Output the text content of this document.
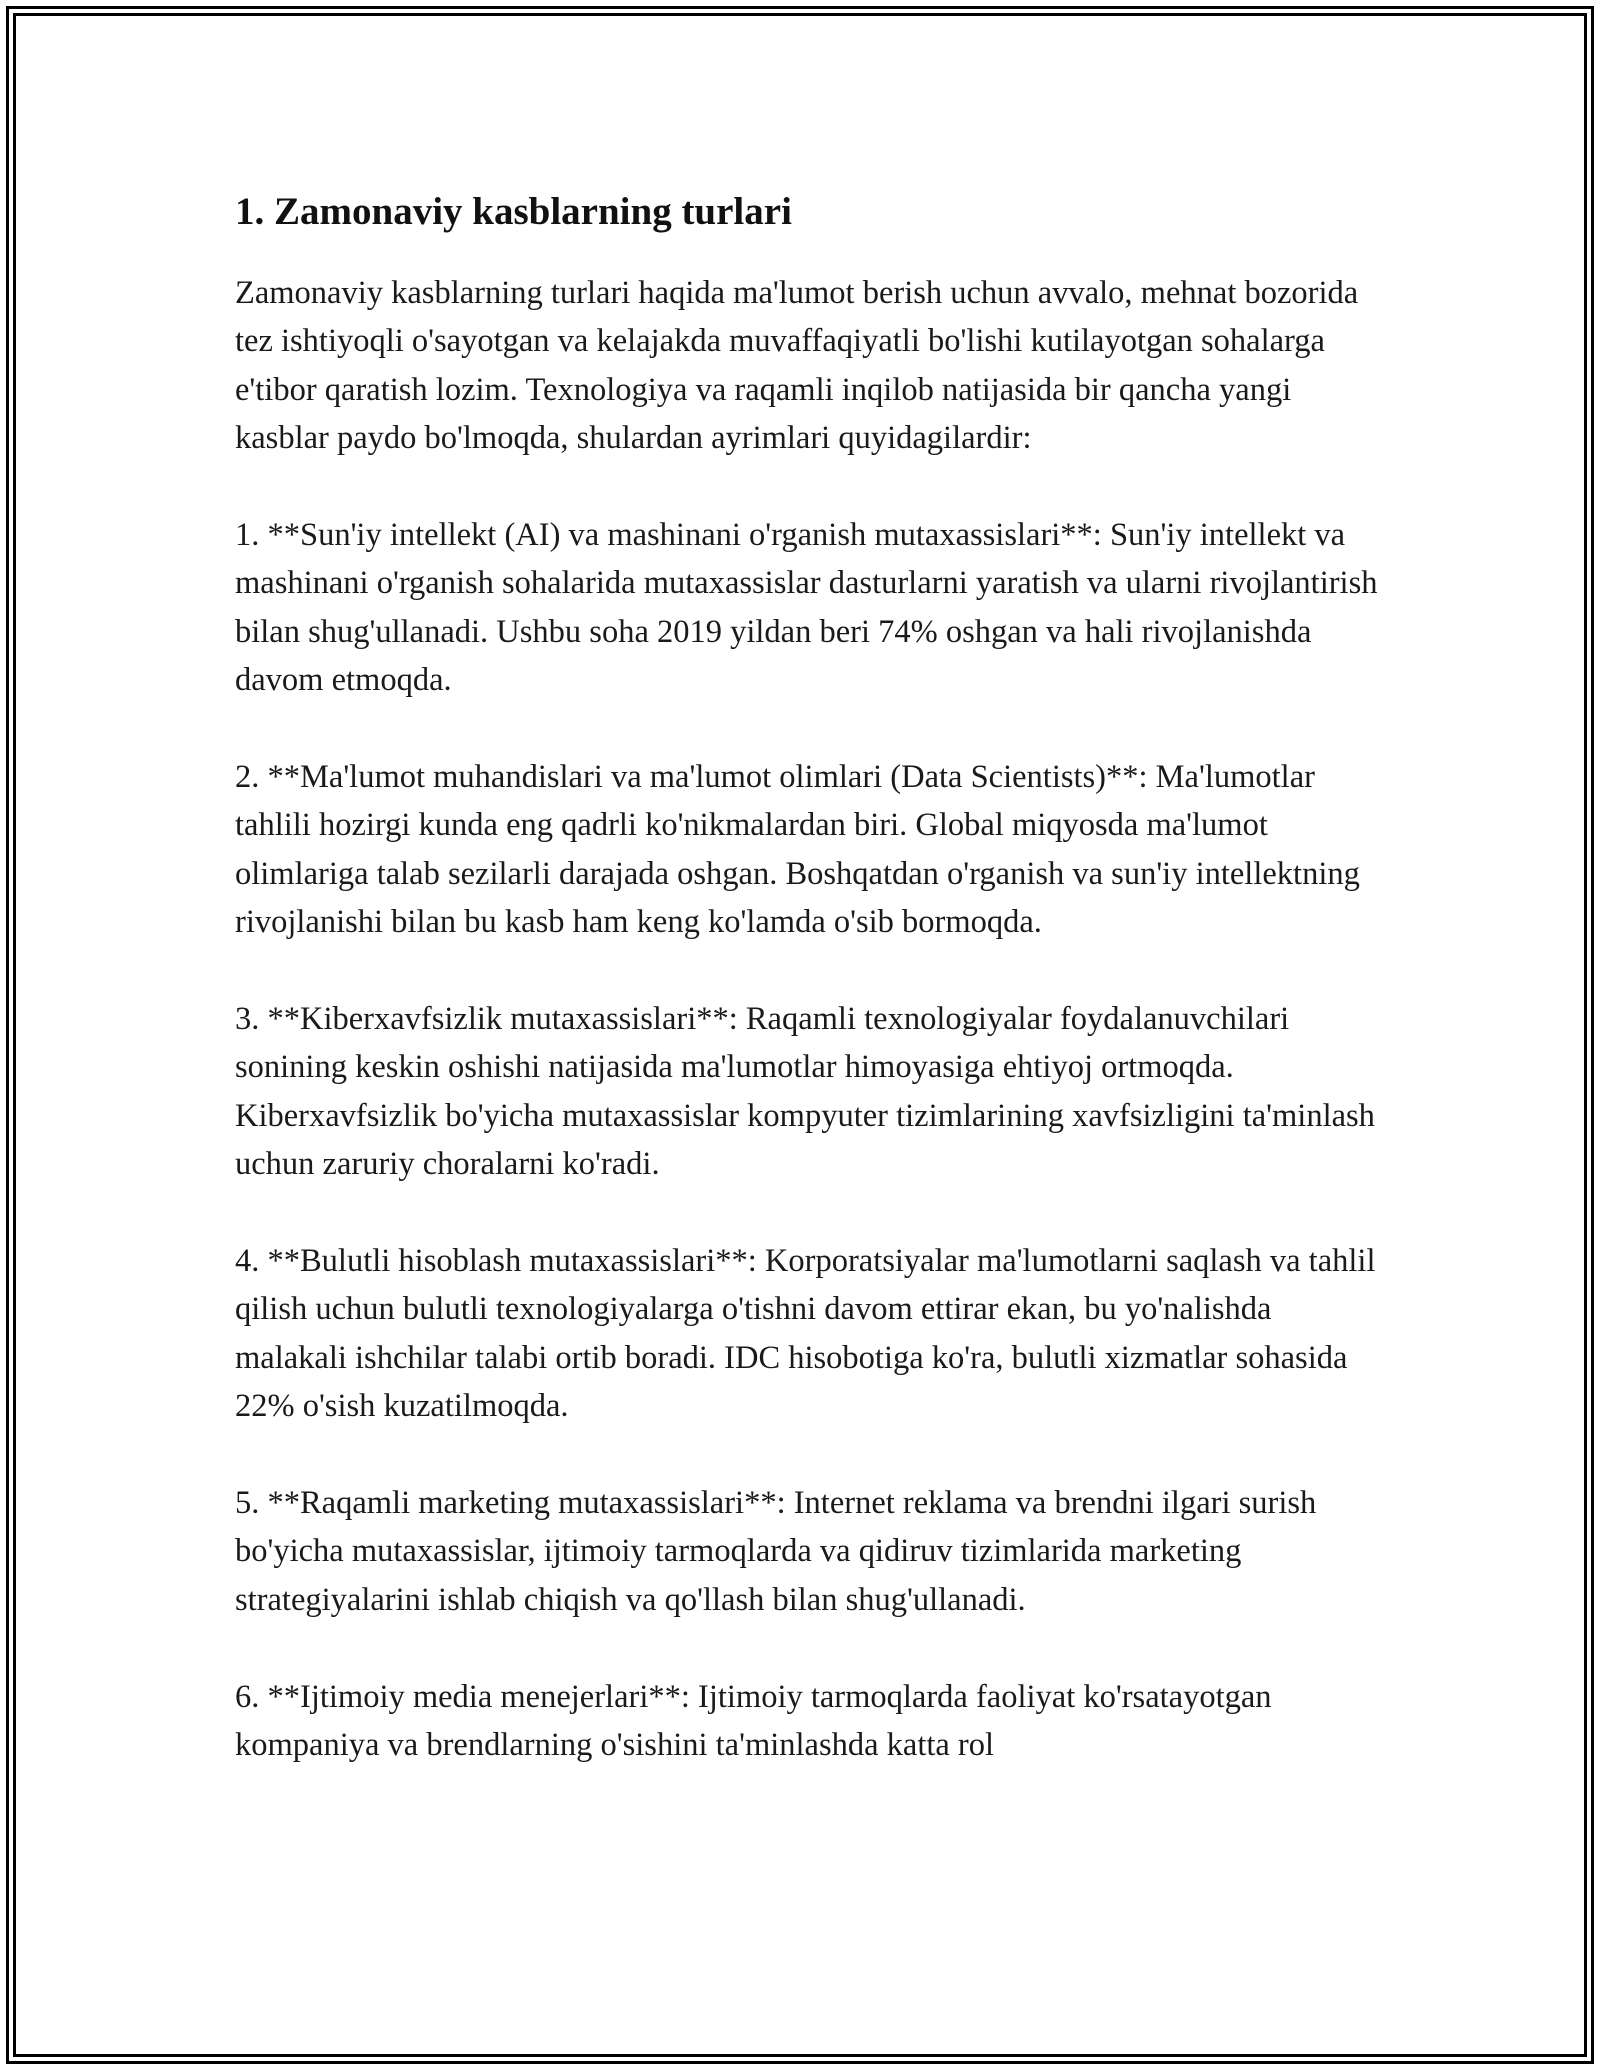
1. Zamonaviy kasblarning turlari

Zamonaviy kasblarning turlari haqida ma'lumot berish uchun avvalo, mehnat bozorida tez ishtiyoqli o'sayotgan va kelajakda muvaffaqiyatli bo'lishi kutilayotgan sohalarga e'tibor qaratish lozim. Texnologiya va raqamli inqilob natijasida bir qancha yangi kasblar paydo bo'lmoqda, shulardan ayrimlari quyidagilardir:

1. **Sun'iy intellekt (AI) va mashinani o'rganish mutaxassislari**: Sun'iy intellekt va mashinani o'rganish sohalarida mutaxassislar dasturlarni yaratish va ularni rivojlantirish bilan shug'ullanadi. Ushbu soha 2019 yildan beri 74% oshgan va hali rivojlanishda davom etmoqda.

2. **Ma'lumot muhandislari va ma'lumot olimlari (Data Scientists)**: Ma'lumotlar tahlili hozirgi kunda eng qadrli ko'nikmalardan biri. Global miqyosda ma'lumot olimlariga talab sezilarli darajada oshgan. Boshqatdan o'rganish va sun'iy intellektning rivojlanishi bilan bu kasb ham keng ko'lamda o'sib bormoqda.

3. **Kiberxavfsizlik mutaxassislari**: Raqamli texnologiyalar foydalanuvchilari sonining keskin oshishi natijasida ma'lumotlar himoyasiga ehtiyoj ortmoqda. Kiberxavfsizlik bo'yicha mutaxassislar kompyuter tizimlarining xavfsizligini ta'minlash uchun zaruriy choralarni ko'radi.

4. **Bulutli hisoblash mutaxassislari**: Korporatsiyalar ma'lumotlarni saqlash va tahlil qilish uchun bulutli texnologiyalarga o'tishni davom ettirar ekan, bu yo'nalishda malakali ishchilar talabi ortib boradi. IDC hisobotiga ko'ra, bulutli xizmatlar sohasida 22% o'sish kuzatilmoqda.

5. **Raqamli marketing mutaxassislari**: Internet reklama va brendni ilgari surish bo'yicha mutaxassislar, ijtimoiy tarmoqlarda va qidiruv tizimlarida marketing strategiyalarini ishlab chiqish va qo'llash bilan shug'ullanadi.

6. **Ijtimoiy media menejerlari**: Ijtimoiy tarmoqlarda faoliyat ko'rsatayotgan kompaniya va brendlarning o'sishini ta'minlashda katta rol
